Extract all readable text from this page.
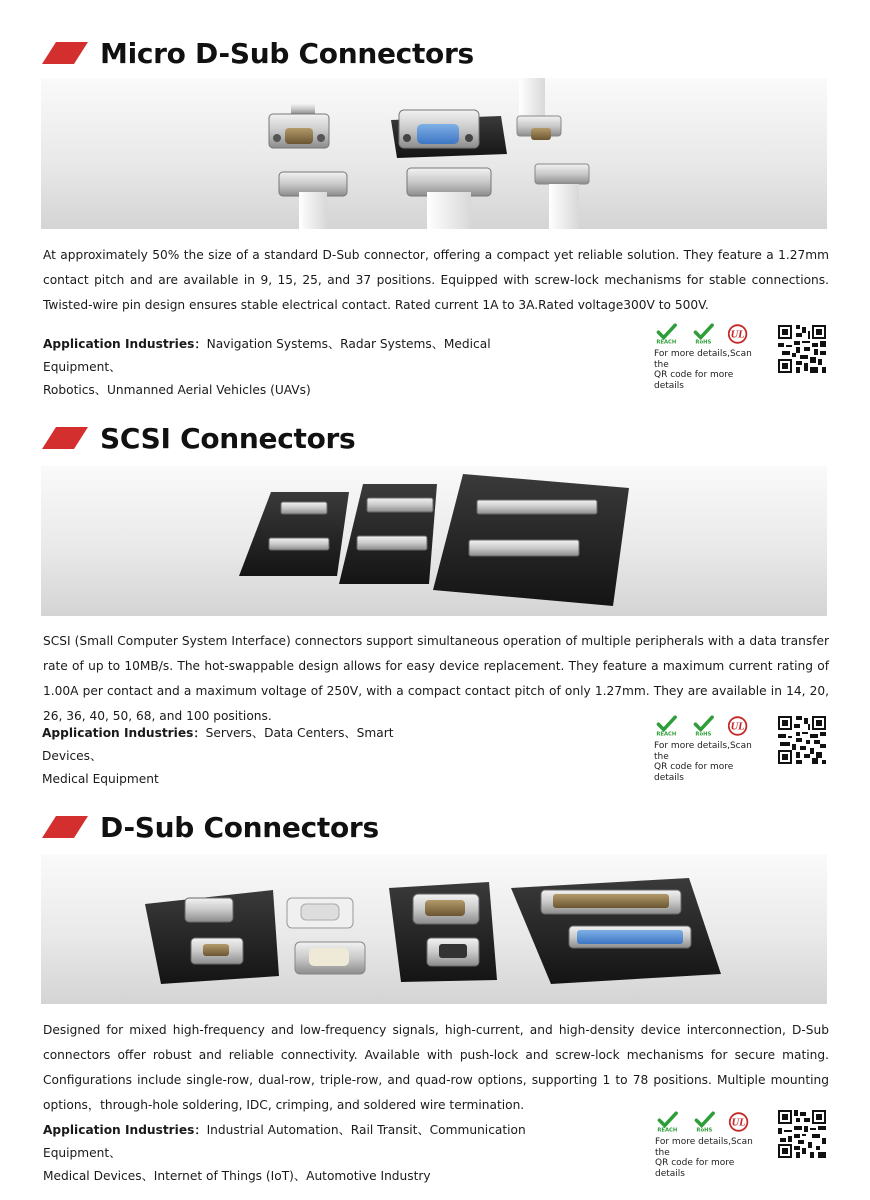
Micro D-Sub Connectors

At approximately 50% the size of a standard D-Sub connector, offering a compact yet reliable solution. They feature a 1.27mm contact pitch and are available in 9, 15, 25, and 37 positions. Equipped with screw-lock mechanisms for stable connections. Twisted-wire pin design ensures stable electrical contact. Rated current 1A to 3A.Rated voltage300V to 500V.

Application Industries：Navigation Systems、Radar Systems、Medical Equipment、
Robotics、Unmanned Aerial Vehicles (UAVs)
REACH	RoHS
UL
For more details,Scan the
QR code for more details
SCSI Connectors

SCSI (Small Computer System Interface) connectors support simultaneous operation of multiple peripherals with a data transfer rate of up to 10MB/s. The hot-swappable design allows for easy device replacement. They feature a maximum current rating of 1.00A per contact and a maximum voltage of 250V, with a compact contact pitch of only 1.27mm. They are available in 14, 20, 26, 36, 40, 50, 68, and 100 positions.

Application Industries：Servers、Data Centers、Smart Devices、
Medical Equipment
REACH	RoHS
UL
For more details,Scan the
QR code for more details
D-Sub Connectors

Designed for mixed high-frequency and low-frequency signals, high-current, and high-density device interconnection, D-Sub connectors offer robust and reliable connectivity. Available with push-lock and screw-lock mechanisms for secure mating. Configurations include single-row, dual-row, triple-row, and quad-row options, supporting 1 to 78 positions. Multiple mounting options，through-hole soldering, IDC, crimping, and soldered wire termination.

Application Industries：Industrial Automation、Rail Transit、Communication Equipment、
Medical Devices、Internet of Things (IoT)、Automotive Industry
REACH	RoHS
UL
For more details,Scan the
QR code for more details
